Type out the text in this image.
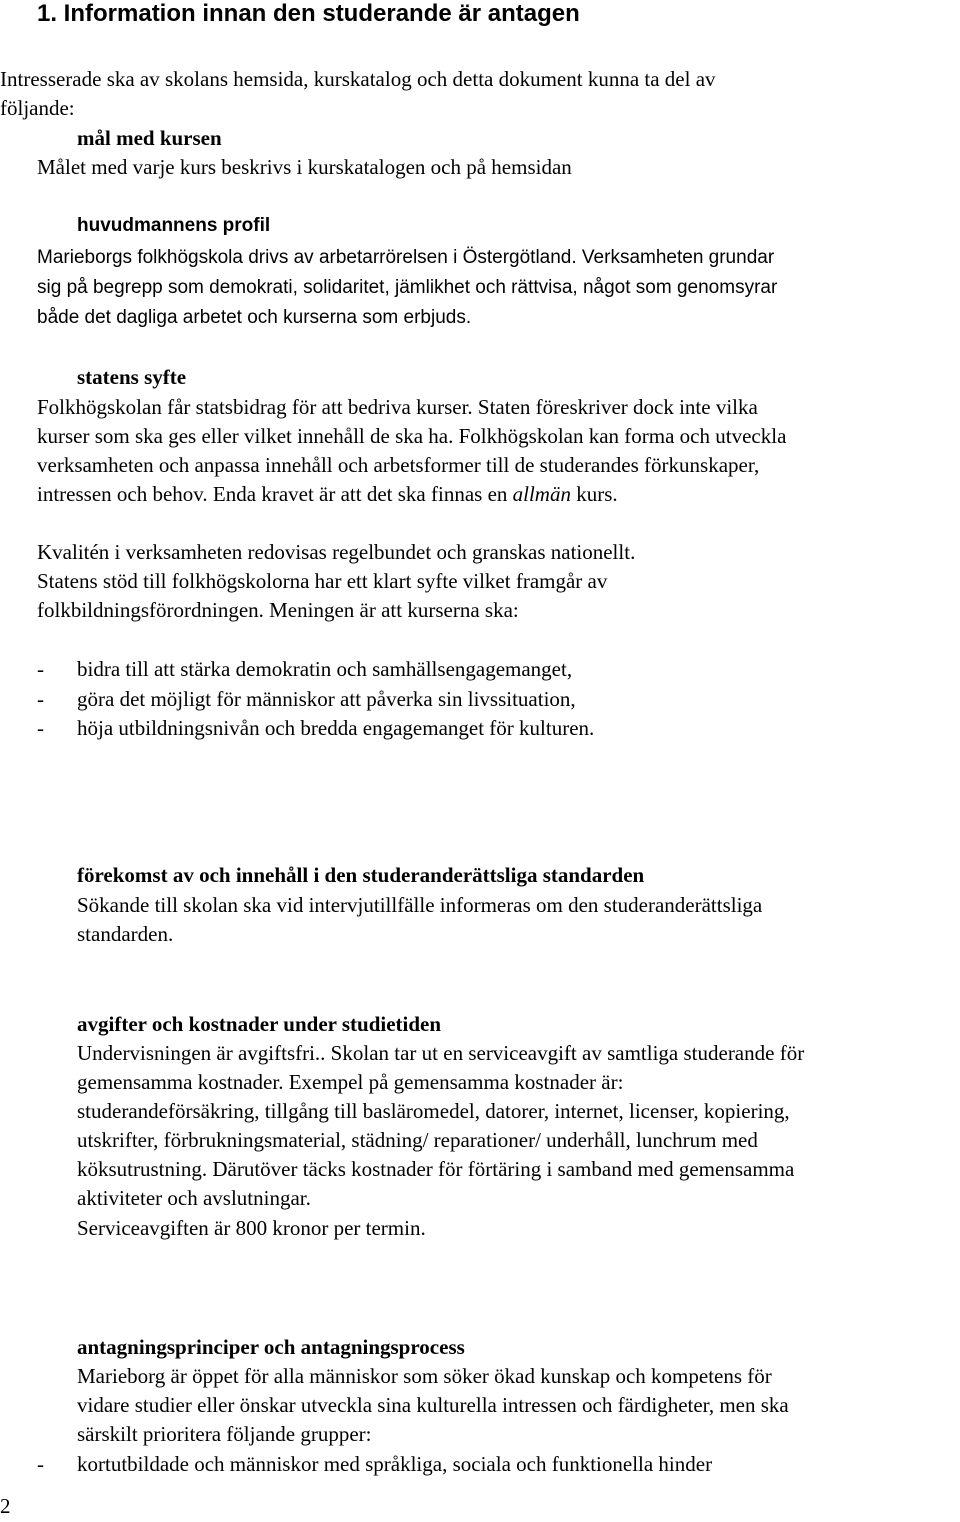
1. Information innan den studerande är antagen
Intresserade ska av skolans hemsida, kurskatalog och detta dokument kunna ta del av
följande:
mål med kursen
Målet med varje kurs beskrivs i kurskatalogen och på hemsidan
huvudmannens profil
Marieborgs folkhögskola drivs av arbetarrörelsen i Östergötland. Verksamheten grundar
sig på begrepp som demokrati, solidaritet, jämlikhet och rättvisa, något som genomsyrar
både det dagliga arbetet och kurserna som erbjuds.
statens syfte
Folkhögskolan får statsbidrag för att bedriva kurser. Staten föreskriver dock inte vilka
kurser som ska ges eller vilket innehåll de ska ha. Folkhögskolan kan forma och utveckla
verksamheten och anpassa innehåll och arbetsformer till de studerandes förkunskaper,
intressen och behov. Enda kravet är att det ska finnas en allmän kurs.
Kvalitén i verksamheten redovisas regelbundet och granskas nationellt.
Statens stöd till folkhögskolorna har ett klart syfte vilket framgår av
folkbildningsförordningen. Meningen är att kurserna ska:
- bidra till att stärka demokratin och samhällsengagemanget,
- göra det möjligt för människor att påverka sin livssituation,
- höja utbildningsnivån och bredda engagemanget för kulturen.
förekomst av och innehåll i den studeranderättsliga standarden
Sökande till skolan ska vid intervjutillfälle informeras om den studeranderättsliga
standarden.
avgifter och kostnader under studietiden
Undervisningen är avgiftsfri.. Skolan tar ut en serviceavgift av samtliga studerande för
gemensamma kostnader. Exempel på gemensamma kostnader är:
studerandeförsäkring, tillgång till basläromedel, datorer, internet, licenser, kopiering,
utskrifter, förbrukningsmaterial, städning/ reparationer/ underhåll, lunchrum med
köksutrustning. Därutöver täcks kostnader för förtäring i samband med gemensamma
aktiviteter och avslutningar.
Serviceavgiften är 800 kronor per termin.
antagningsprinciper och antagningsprocess
Marieborg är öppet för alla människor som söker ökad kunskap och kompetens för
vidare studier eller önskar utveckla sina kulturella intressen och färdigheter, men ska
särskilt prioritera följande grupper:
- kortutbildade och människor med språkliga, sociala och funktionella hinder
2
